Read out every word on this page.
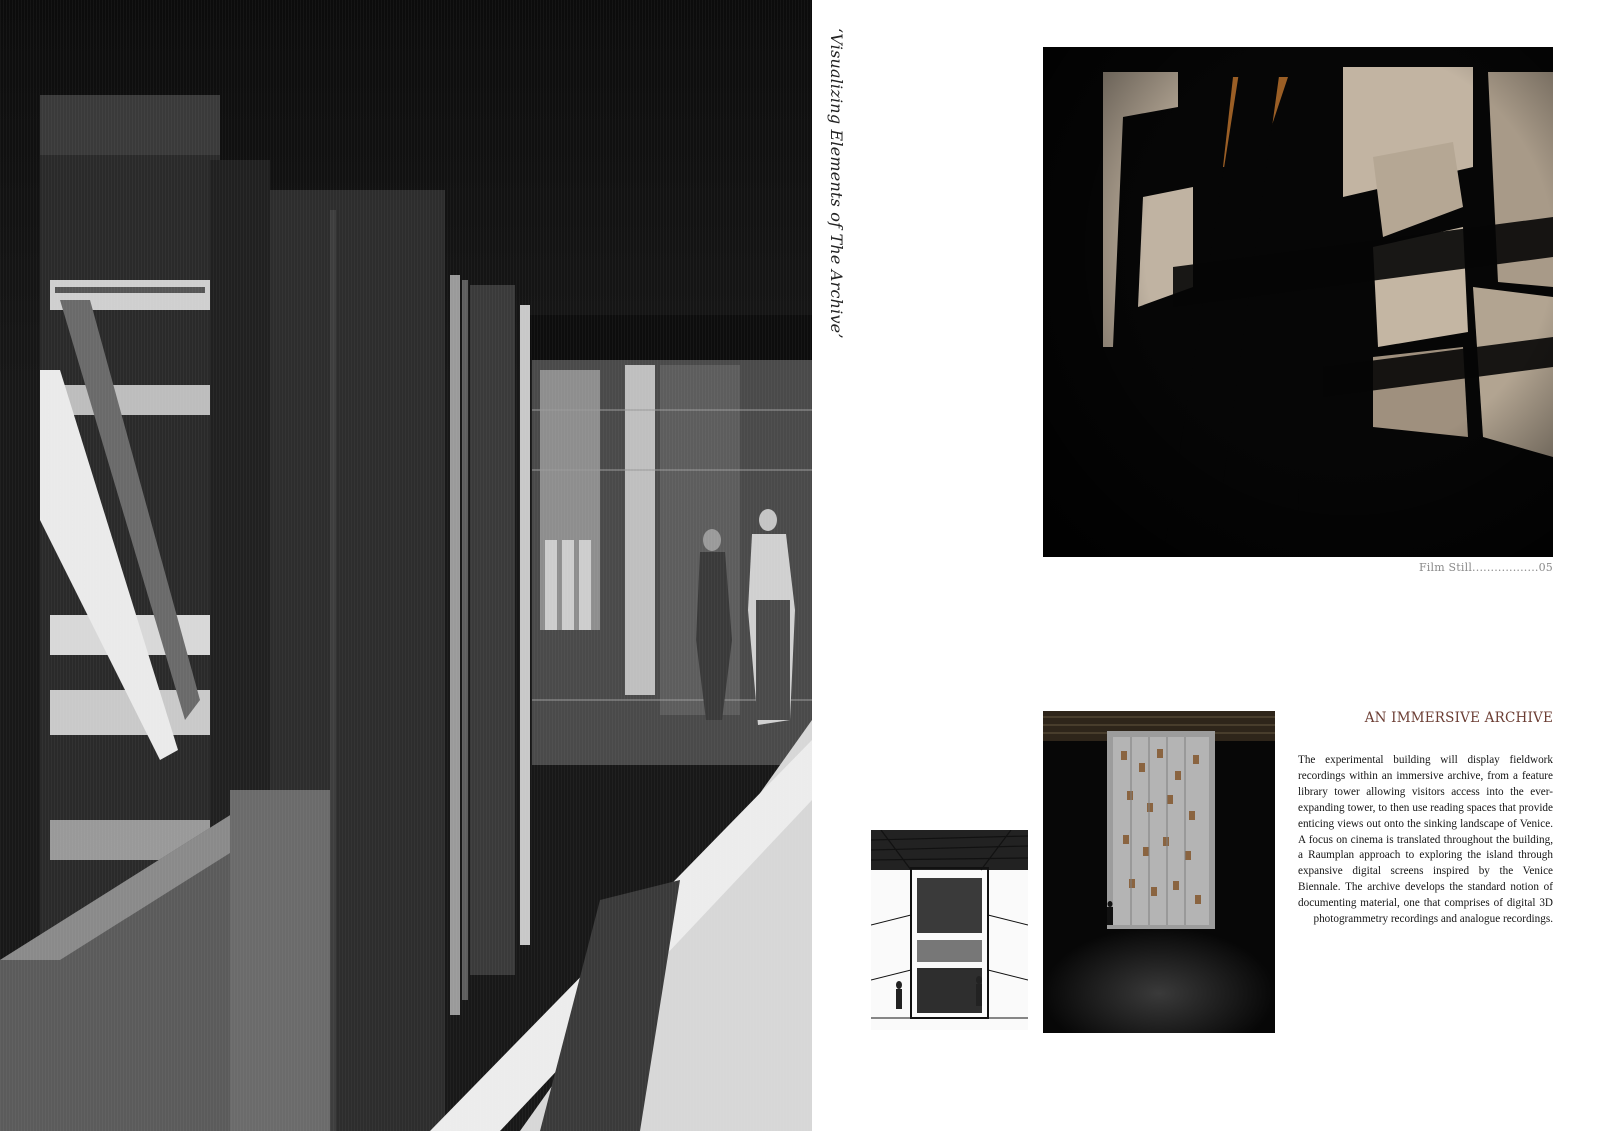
‘Visualizing Elements of The Archive’
Film Still..................05
AN IMMERSIVE ARCHIVE

The experimental building will display fieldwork recordings within an immersive archive, from a feature library tower allowing visitors access into the ever-expanding tower, to then use reading spaces that provide enticing views out onto the sinking landscape of Venice. A focus on cinema is translated throughout the building, a Raumplan approach to exploring the island through expansive digital screens inspired by the Venice Biennale. The archive develops the standard notion of documenting material, one that comprises of digital 3D photogrammetry recordings and analogue recordings.
